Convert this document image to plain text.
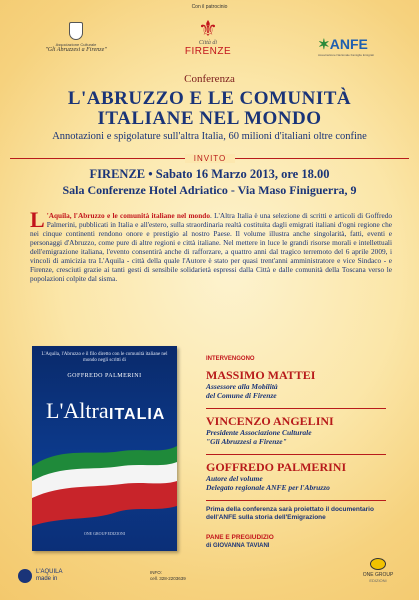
Con il patrocinio
Associazione Culturale
"Gli Abruzzesi a Firenze"
⚜
Città di
FIRENZE	✶ANFE
Associazione Nazionale Famiglie Emigrati
Conferenza
L'ABRUZZO E LE COMUNITÀ
ITALIANE NEL MONDO
Annotazioni e spigolature sull'altra Italia, 60 milioni d'italiani oltre confine
INVITO
FIRENZE • Sabato 16 Marzo 2013, ore 18.00
Sala Conferenze Hotel Adriatico - Via Maso Finiguerra, 9
L 'Aquila, l'Abruzzo e le comunità italiane nel mondo. L'Altra Italia è una selezione di scritti e articoli di Goffredo Palmerini, pubblicati in Italia e all'estero, sulla straordinaria realtà costituita dagli emigrati italiani d'ogni regione che nei cinque continenti rendono onore e prestigio al nostro Paese. Il volume illustra anche singolarità, fatti, eventi e personaggi d'Abruzzo, come pure di altre regioni e città italiane. Nel mettere in luce le grandi risorse morali e intellettuali dell'emigrazione italiana, l'evento consentirà anche di rafforzare, a quattro anni dal tragico terremoto del 6 aprile 2009, i vincoli di amicizia tra L'Aquila - città della quale l'Autore è stato per quasi trent'anni amministratore e vice Sindaco - e Firenze, cresciuti grazie ai tanti gesti di sensibile solidarietà espressi dalla Città e dalle comunità della Toscana verso le popolazioni colpite dal sisma.
L'Aquila, l'Abruzzo e il filo diretto con le comunità italiane nel mondo negli scritti di
GOFFREDO PALMERINI
L'Altra ITALIA
ONE GROUP EDIZIONI
INTERVENGONO
MASSIMO MATTEI
Assessore alla Mobilità
del Comune di Firenze
VINCENZO ANGELINI
Presidente Associazione Culturale
"Gli Abruzzesi a Firenze"
GOFFREDO PALMERINI
Autore del volume
Delegato regionale ANFE per l'Abruzzo
Prima della conferenza sarà proiettato il documentario dell'ANFE sulla storia dell'Emigrazione
PANE E PREGIUDIZIO
di GIOVANNA TAVIANI
L'AQUILA
made in
INFO:
cell. 328-2203639
ONE GROUP
EDIZIONI
